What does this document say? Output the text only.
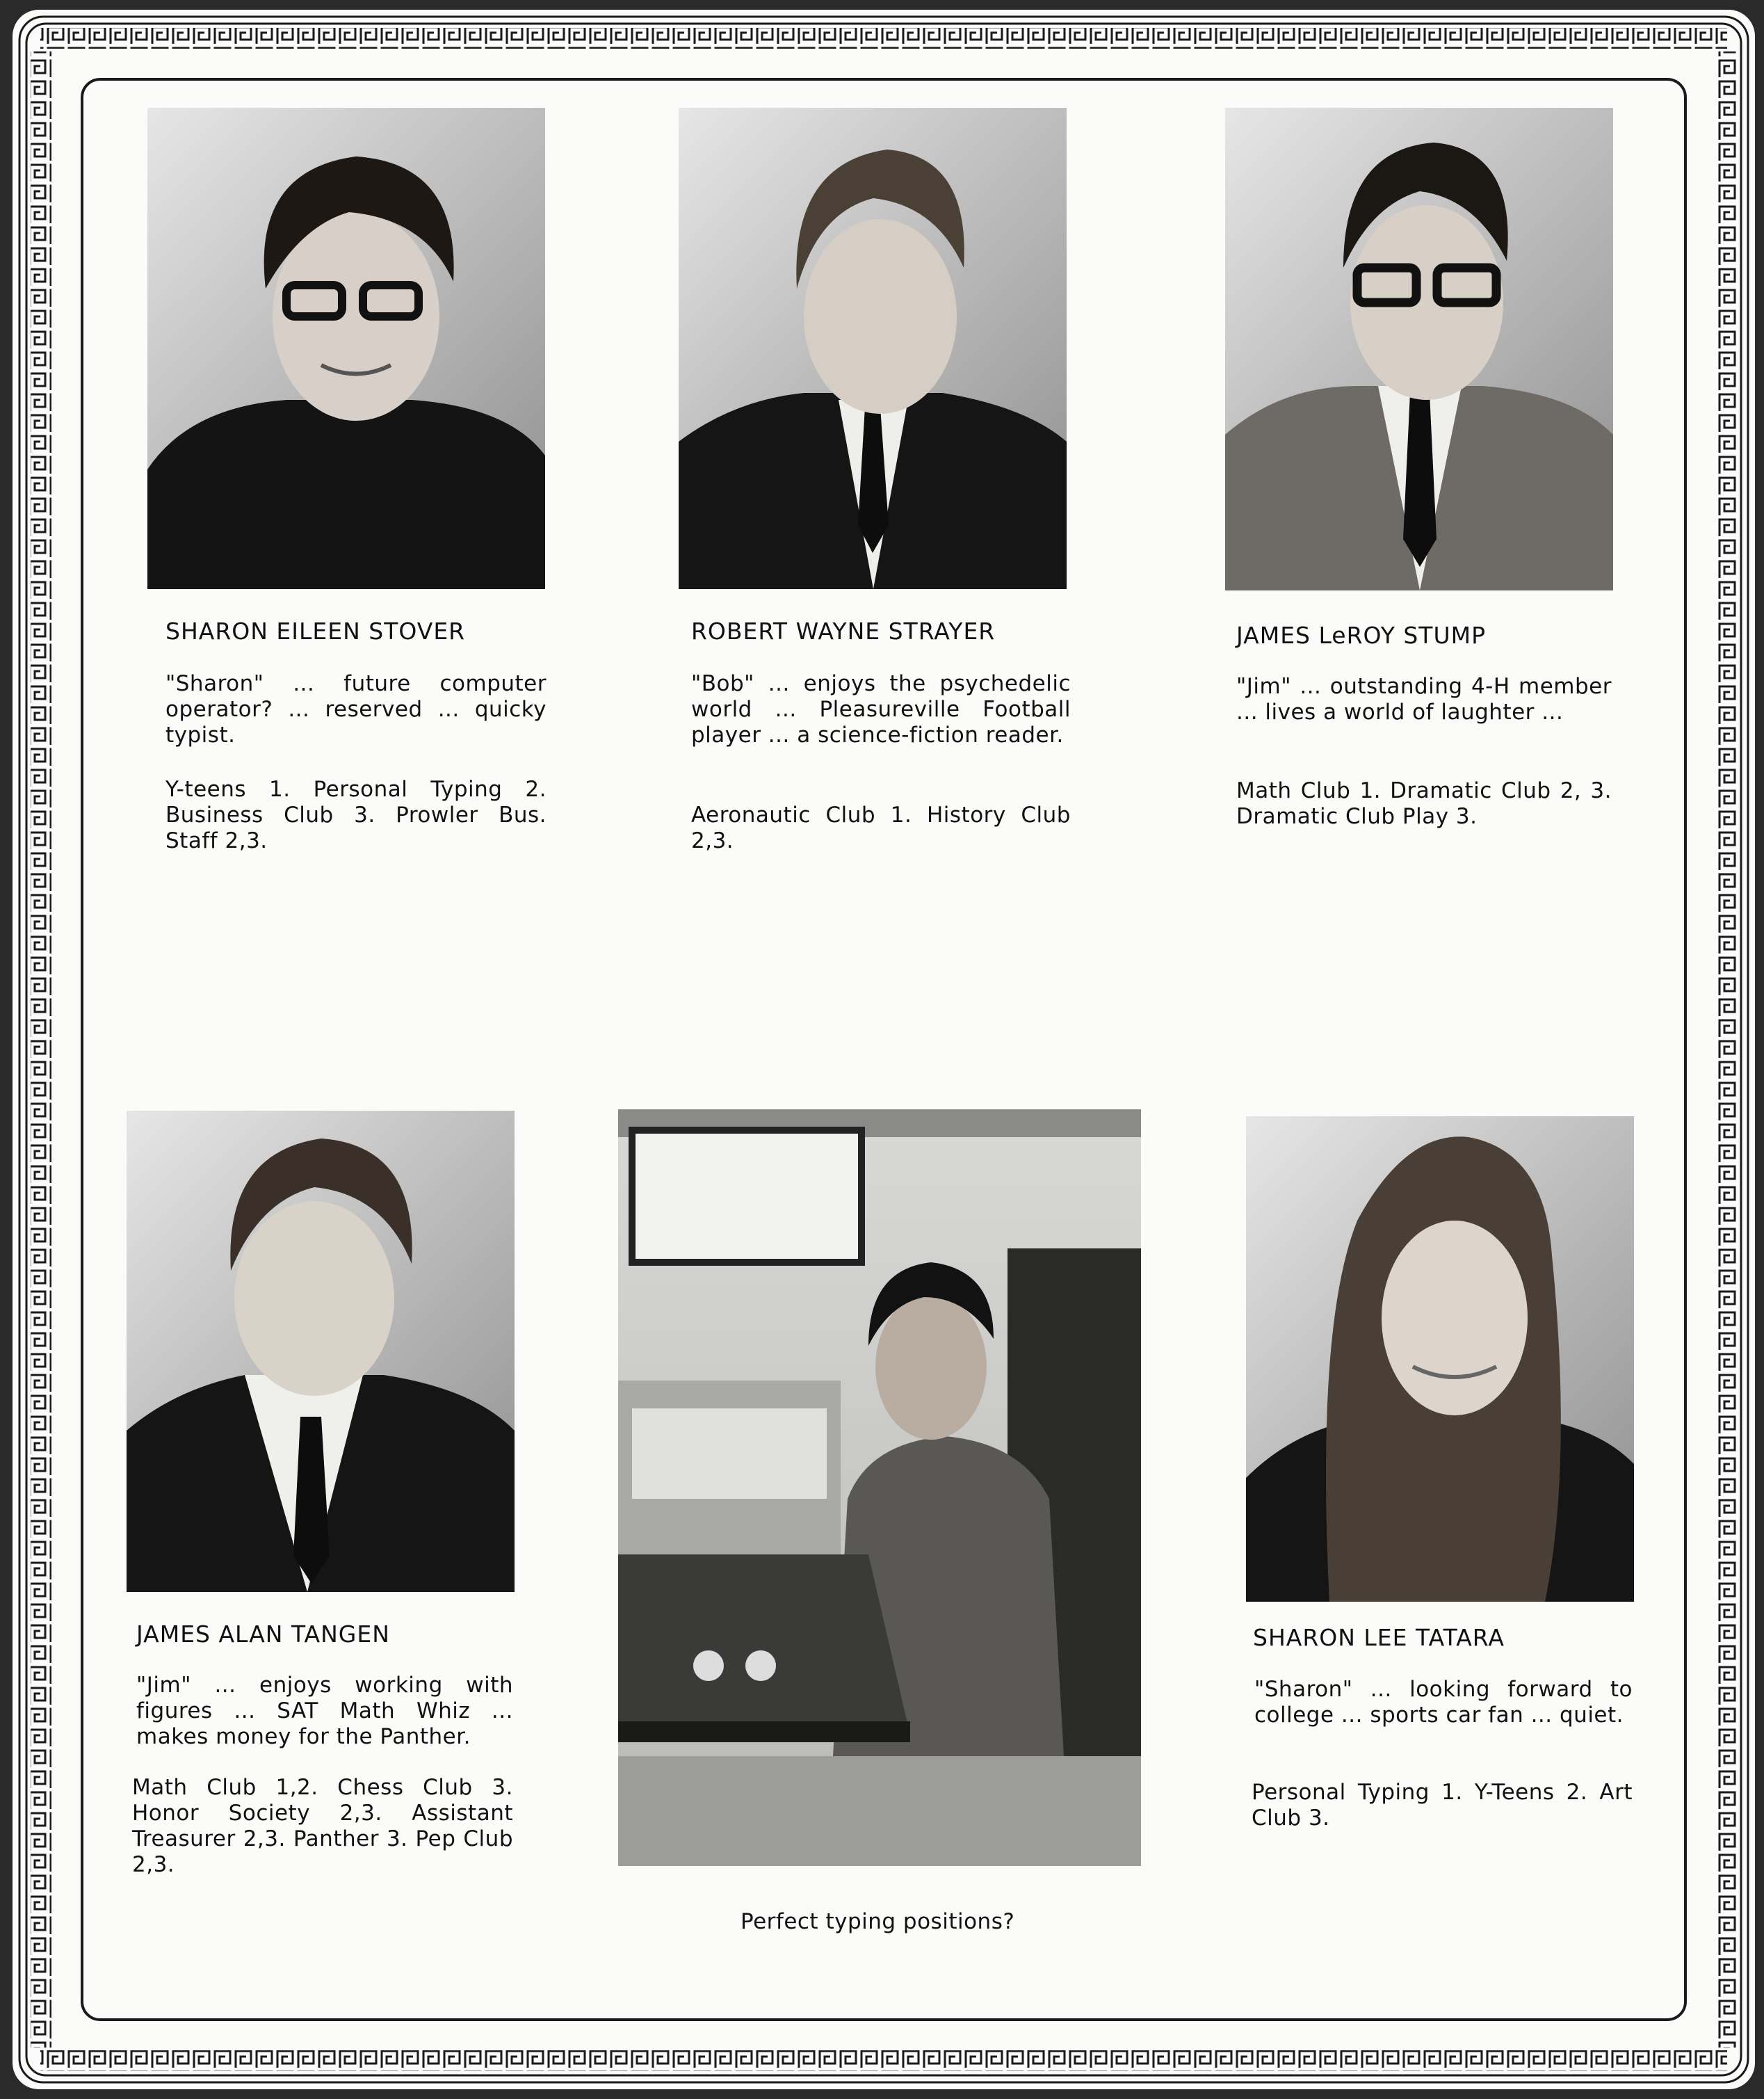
SHARON EILEEN STOVER
"Sharon" ... future computer operator? ... reserved ... quicky typist.
Y-teens 1. Personal Typing 2. Business Club 3. Prowler Bus. Staff 2,3.
ROBERT WAYNE STRAYER
"Bob" ... enjoys the psychedelic world ... Pleasureville Football player ... a science-fiction reader.
Aeronautic Club 1. History Club 2,3.
JAMES LeROY STUMP
"Jim" ... outstanding 4-H member ... lives a world of laughter ...
Math Club 1. Dramatic Club 2, 3. Dramatic Club Play 3.
JAMES ALAN TANGEN
"Jim" ... enjoys working with figures ... SAT Math Whiz ... makes money for the Panther.
Math Club 1,2. Chess Club 3. Honor Society 2,3. Assistant Treasurer 2,3. Panther 3. Pep Club 2,3.
Perfect typing positions?
SHARON LEE TATARA
"Sharon" ... looking forward to college ... sports car fan ... quiet.
Personal Typing 1. Y-Teens 2. Art Club 3.
